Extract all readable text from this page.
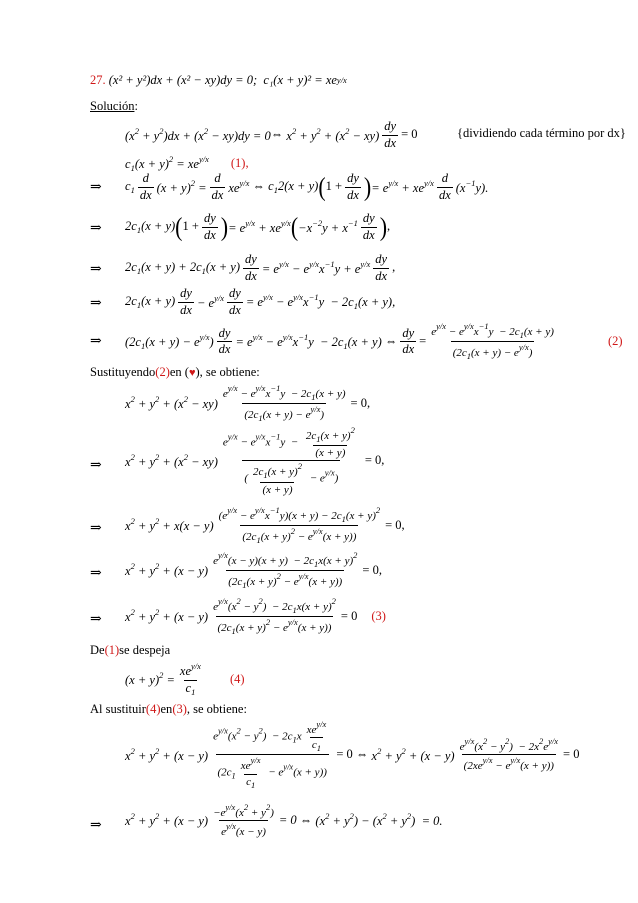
27.
(x² + y²)dx + (x² − xy)dy = 0;
c₁(x + y)² = xe y/x
Solución :
$(x^2 + y^2)dx + (x^2 - xy)dy = 0$ ⇔ $x^2 + y^2 + (x^2 - xy) \frac{dy}{dx} = 0$	{dividiendo cada término por dx}
$c_1(x + y)^2 = xe^{y/x}$ (1),
⇒ $c_1 \frac{d}{dx} (x + y)^2 = \frac{d}{dx} xe^{y/x}$ ⇔ $c_12(x + y)$ ( $1 + \frac{dy}{dx}$ ) = $e^{y/x} + xe^{y/x} \frac{d}{dx} (x^{-1}y)$.
⇒ $2c_1(x + y)$ ( $1 + \frac{dy}{dx}$ ) = $e^{y/x} + xe^{y/x}$ ( $-x^{-2}y + x^{-1} \frac{dy}{dx}$ ) ,
⇒ $2c_1(x + y) + 2c_1(x + y) \frac{dy}{dx} = e^{y/x} - e^{y/x}x^{-1}y + e^{y/x} \frac{dy}{dx}$ ,
⇒ $2c_1(x + y) \frac{dy}{dx} - e^{y/x} \frac{dy}{dx} = e^{y/x} - e^{y/x}x^{-1}y - 2c_1(x + y)$,
⇒ $(2c_1(x + y) - e^{y/x}) \frac{dy}{dx} = e^{y/x} - e^{y/x}x^{-1}y - 2c_1(x + y)$ ⇔ $\frac{dy}{dx} = \frac{e^{y/x} - e^{y/x}x^{-1}y - 2c_1(x + y)}{(2c_1(x + y) - e^{y/x})}$	(2)
Sustituyendo (2) en ( ♥ ), se obtiene:
$x^2 + y^2 + (x^2 - xy) \frac{e^{y/x} - e^{y/x}x^{-1}y - 2c_1(x + y)}{(2c_1(x + y) - e^{y/x})} = 0$,
⇒ $x^2 + y^2 + (x^2 - xy) \frac{e^{y/x} - e^{y/x}x^{-1}y - \frac{2c_1(x + y)^2}{(x + y)}}{( \frac{2c_1(x + y)^2}{(x + y)} - e^{y/x})} = 0$,
⇒ $x^2 + y^2 + x(x - y) \frac{(e^{y/x} - e^{y/x}x^{-1}y)(x + y) - 2c_1(x + y)^2}{(2c_1(x + y)^2 - e^{y/x}(x + y))} = 0$,
⇒ $x^2 + y^2 + (x - y) \frac{e^{y/x}(x - y)(x + y) - 2c_1x(x + y)^2}{(2c_1(x + y)^2 - e^{y/x}(x + y))} = 0$,
⇒ $x^2 + y^2 + (x - y) \frac{e^{y/x}(x^2 - y^2) - 2c_1x(x + y)^2}{(2c_1(x + y)^2 - e^{y/x}(x + y))} = 0$ (3)
De (1) se despeja
$(x + y)^2 = \frac{xe^{y/x}}{c_1} (4)$
Al sustituir (4) en (3) , se obtiene:
$x^2 + y^2 + (x - y) \frac{e^{y/x}(x^2 - y^2) - 2c_1x \frac{xe^{y/x}}{c_1}}{(2c_1 \frac{xe^{y/x}}{c_1} - e^{y/x}(x + y))} = 0$ ⇔ $x^2 + y^2 + (x - y) \frac{e^{y/x}(x^2 - y^2) - 2x^2e^{y/x}}{(2xe^{y/x} - e^{y/x}(x + y))} = 0$
⇒ $x^2 + y^2 + (x - y) \frac{-e^{y/x}(x^2 + y^2)}{e^{y/x}(x - y)} = 0$ ⇔ $(x^2 + y^2) - (x^2 + y^2) = 0$.
